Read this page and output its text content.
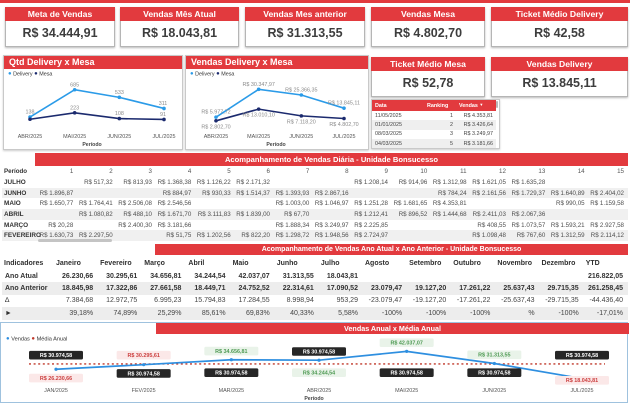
Meta de Vendas
R$ 34.444,91
Vendas Mês Atual
R$ 18.043,81
Vendas Mes anterior
R$ 31.313,55
Vendas Mesa
R$ 4.802,70
Ticket Médio Delivery
R$ 42,58
Ticket Médio Mesa
R$ 52,78
Vendas Delivery
R$ 13.845,11
Qtd Delivery x Mesa
● Delivery ● Mesa
138
685
533
311
223
108	91
ABR/2025	MAI/2025	JUN/2025	JUL/2025
Período
Vendas Delivery x Mesa
● Delivery ● Mesa
R$ 5.977,72
R$ 30.347,97
R$ 25.366,35
R$ 13.845,11
R$ 2.802,70
R$ 13.010,10
R$ 7.118,20 R$ 4.802,70
ABR/2025	MAI/2025	JUN/2025	JUL/2025
Período
Data	Ranking	Vendas ▼
11/05/2025	1	R$ 4.353,81
01/01/2025	2	R$ 3.426,64
08/03/2025	3	R$ 3.249,97
04/03/2025	5	R$ 3.181,66
Acompanhamento de Vendas Diária - Unidade Bonsucesso
Período	1	2	3	4	5	6	7	8	9	10	11	12	13	14	15
JULHO		R$ 517,32	R$ 813,93	R$ 1.368,38	R$ 1.126,22	R$ 2.171,32			R$ 1.208,14	R$ 914,96	R$ 1.312,98	R$ 1.621,05	R$ 1.635,28		
JUNHO	R$ 1.896,87			R$ 884,97	R$ 930,33	R$ 1.514,37	R$ 1.393,93	R$ 2.867,16			R$ 784,24	R$ 2.161,56	R$ 1.729,37	R$ 1.640,89	R$ 2.404,02
MAIO	R$ 1.650,77	R$ 1.764,41	R$ 2.506,08	R$ 2.546,56			R$ 1.003,00	R$ 1.046,97	R$ 1.251,28	R$ 1.681,65	R$ 4.353,81			R$ 990,05	R$ 1.159,58
ABRIL		R$ 1.080,82	R$ 488,10	R$ 1.671,70	R$ 3.111,83	R$ 1.839,00	R$ 67,70		R$ 1.212,41	R$ 896,52	R$ 1.444,68	R$ 2.411,03	R$ 2.067,36		
MARÇO	R$ 20,28		R$ 2.400,30	R$ 3.181,66			R$ 1.888,34	R$ 3.249,97	R$ 2.225,85			R$ 408,55	R$ 1.073,57	R$ 1.593,21	R$ 2.927,58
FEVEREIRO	R$ 1.630,73	R$ 2.297,50		R$ 51,75	R$ 1.202,56	R$ 822,20	R$ 1.298,72	R$ 1.948,56	R$ 2.724,97			R$ 1.098,48	R$ 767,60	R$ 1.312,59	R$ 2.114,12
Acompanhamento de Vendas Ano Atual x Ano Anterior - Unidade Bonsucesso
Indicadores	Janeiro	Fevereiro	Março	Abril	Maio	Junho	Julho	Agosto	Setembro	Outubro	Novembro	Dezembro	YTD
Ano Atual	26.230,66	30.295,61	34.656,81	34.244,54	42.037,07	31.313,55	18.043,81						216.822,05
Ano Anterior	18.845,98	17.322,86	27.661,58	18.449,71	24.752,52	22.314,61	17.090,52	23.079,47	19.127,20	17.261,22	25.637,43	29.715,35	261.258,45
∆	7.384,68	12.972,75	6.995,23	15.794,83	17.284,55	8.998,94	953,29	-23.079,47	-19.127,20	-17.261,22	-25.637,43	-29.715,35	-44.436,40
►	39,18%	74,89%	25,29%	85,61%	69,83%	40,33%	5,58%	-100%	-100%	-100%	%	-100%	-17,01%
Vendas Anual x Média Anual
● Vendas ● Média Anual
R$ 30.974,58
R$ 26.230,66
R$ 30.295,61
R$ 30.974,58
R$ 34.656,81
R$ 30.974,58
R$ 30.974,58
R$ 34.244,54
R$ 42.037,07
R$ 30.974,58
R$ 31.313,55
R$ 30.974,58
R$ 30.974,58
R$ 18.043,81
JAN/2025	FEV/2025	MAR/2025	ABR/2025	MAI/2025	JUN/2025	JUL/2025
Período
